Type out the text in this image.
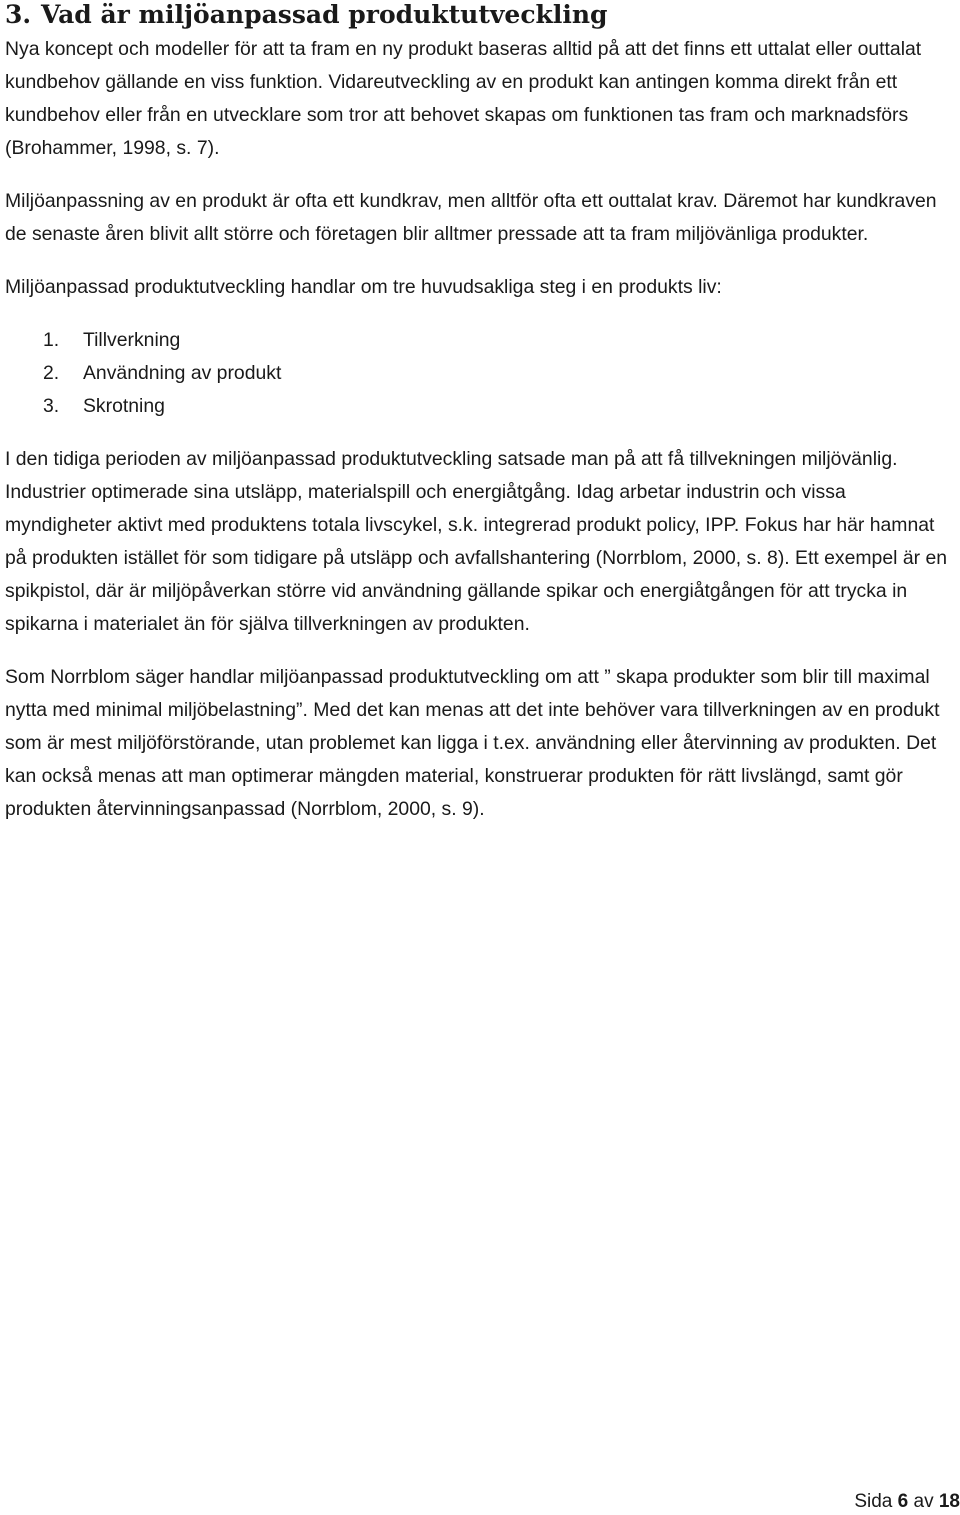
3. Vad är miljöanpassad produktutveckling

Nya koncept och modeller för att ta fram en ny produkt baseras alltid på att det finns ett uttalat eller outtalat kundbehov gällande en viss funktion. Vidareutveckling av en produkt kan antingen komma direkt från ett kundbehov eller från en utvecklare som tror att behovet skapas om funktionen tas fram och marknadsförs (Brohammer, 1998, s. 7).

Miljöanpassning av en produkt är ofta ett kundkrav, men alltför ofta ett outtalat krav. Däremot har kundkraven de senaste åren blivit allt större och företagen blir alltmer pressade att ta fram miljövänliga produkter.

Miljöanpassad produktutveckling handlar om tre huvudsakliga steg i en produkts liv:

1. Tillverkning
2. Användning av produkt
3. Skrotning

I den tidiga perioden av miljöanpassad produktutveckling satsade man på att få tillvekningen miljövänlig. Industrier optimerade sina utsläpp, materialspill och energiåtgång. Idag arbetar industrin och vissa myndigheter aktivt med produktens totala livscykel, s.k. integrerad produkt policy, IPP. Fokus har här hamnat på produkten istället för som tidigare på utsläpp och avfallshantering (Norrblom, 2000, s. 8). Ett exempel är en spikpistol, där är miljöpåverkan större vid användning gällande spikar och energiåtgången för att trycka in spikarna i materialet än för själva tillverkningen av produkten.

Som Norrblom säger handlar miljöanpassad produktutveckling om att ” skapa produkter som blir till maximal nytta med minimal miljöbelastning”. Med det kan menas att det inte behöver vara tillverkningen av en produkt som är mest miljöförstörande, utan problemet kan ligga i t.ex. användning eller återvinning av produkten. Det kan också menas att man optimerar mängden material, konstruerar produkten för rätt livslängd, samt gör produkten återvinningsanpassad (Norrblom, 2000, s. 9).

Sida 6 av 18
